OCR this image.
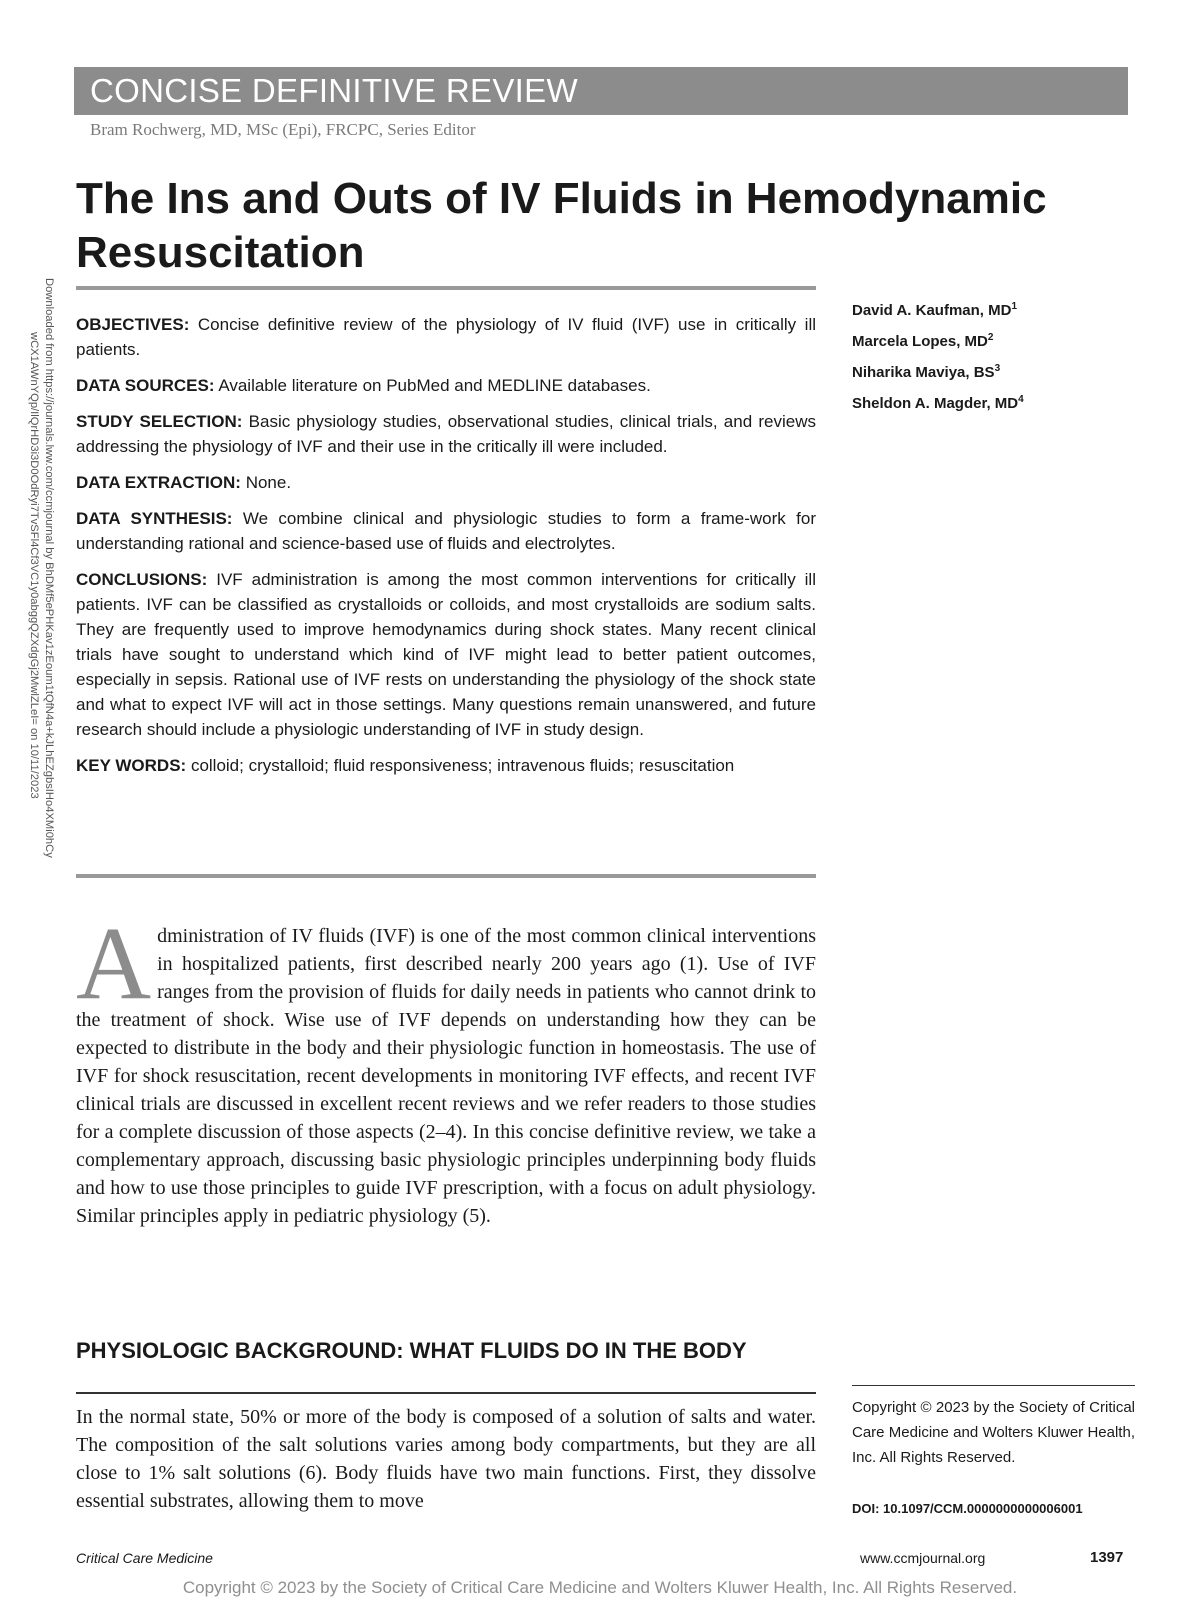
CONCISE DEFINITIVE REVIEW
Bram Rochwerg, MD, MSc (Epi), FRCPC, Series Editor
The Ins and Outs of IV Fluids in Hemodynamic Resuscitation

OBJECTIVES: Concise definitive review of the physiology of IV fluid (IVF) use in critically ill patients.

DATA SOURCES: Available literature on PubMed and MEDLINE databases.

STUDY SELECTION: Basic physiology studies, observational studies, clinical trials, and reviews addressing the physiology of IVF and their use in the critically ill were included.

DATA EXTRACTION: None.

DATA SYNTHESIS: We combine clinical and physiologic studies to form a frame-work for understanding rational and science-based use of fluids and electrolytes.

CONCLUSIONS: IVF administration is among the most common interventions for critically ill patients. IVF can be classified as crystalloids or colloids, and most crystalloids are sodium salts. They are frequently used to improve hemodynamics during shock states. Many recent clinical trials have sought to understand which kind of IVF might lead to better patient outcomes, especially in sepsis. Rational use of IVF rests on understanding the physiology of the shock state and what to expect IVF will act in those settings. Many questions remain unanswered, and future research should include a physiologic understanding of IVF in study design.

KEY WORDS: colloid; crystalloid; fluid responsiveness; intravenous fluids; resuscitation

David A. Kaufman, $MD^1$
Marcela Lopes, $MD^2$
Niharika Maviya, $BS^3$
Sheldon A. Magder, $MD^4$
Downloaded from https://journals.lww.com/ccmjournal by BhDMf5ePHKav1zEoum1tQfN4a+kJLhEZgbsIHo4XMi0hCy
wCX1AWnYQp/IlQrHD3i3D0OdRyi7TvSFl4Cf3VC1y0abggQZXdgGj2MwlZLeI= on 10/11/2023

Administration of IV fluids (IVF) is one of the most common clinical interventions in hospitalized patients, first described nearly 200 years ago (1). Use of IVF ranges from the provision of fluids for daily needs in patients who cannot drink to the treatment of shock. Wise use of IVF depends on understanding how they can be expected to distribute in the body and their physiologic function in homeostasis. The use of IVF for shock resuscitation, recent developments in monitoring IVF effects, and recent IVF clinical trials are discussed in excellent recent reviews and we refer readers to those studies for a complete discussion of those aspects (2–4). In this concise definitive review, we take a complementary approach, discussing basic physiologic principles underpinning body fluids and how to use those principles to guide IVF prescription, with a focus on adult physiology. Similar principles apply in pediatric physiology (5).

PHYSIOLOGIC BACKGROUND: WHAT FLUIDS DO IN THE BODY

In the normal state, 50% or more of the body is composed of a solution of salts and water. The composition of the salt solutions varies among body compartments, but they are all close to 1% salt solutions (6). Body fluids have two main functions. First, they dissolve essential substrates, allowing them to move

Copyright © 2023 by the Society of Critical Care Medicine and Wolters Kluwer Health, Inc. All Rights Reserved.
DOI: 10.1097/CCM.0000000000006001
Critical Care Medicine	www.ccmjournal.org	1397
Copyright © 2023 by the Society of Critical Care Medicine and Wolters Kluwer Health, Inc. All Rights Reserved.
